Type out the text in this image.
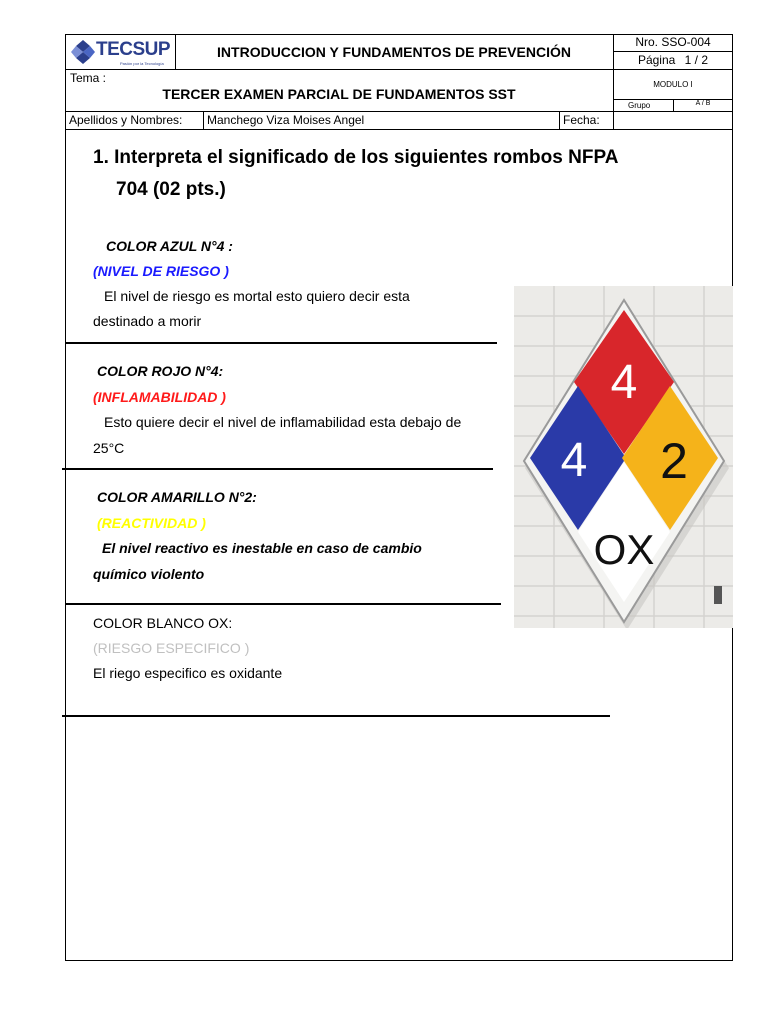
TECSUP
Pasión por la Tecnología
INTRODUCCION Y FUNDAMENTOS DE PREVENCIÓN
Nro. SSO-004
Página 1 / 2
Tema :
TERCER EXAMEN PARCIAL DE FUNDAMENTOS SST
MODULO I
Grupo	A / B
Apellidos y Nombres: Manchego Viza Moises Angel	Fecha:
1. Interpreta el significado de los siguientes rombos NFPA
704 (02 pts.)
COLOR AZUL N°4 :
(NIVEL DE RIESGO )
El nivel de riesgo es mortal esto quiero decir esta
destinado a morir
COLOR ROJO N°4:
(INFLAMABILIDAD )
Esto quiere decir el nivel de inflamabilidad esta debajo de
25°C
COLOR AMARILLO N°2:
(REACTIVIDAD )
El nivel reactivo es inestable en caso de cambio
químico violento
COLOR BLANCO OX:
(RIESGO ESPECIFICO )
El riego especifico es oxidante
4
4 2
OX
